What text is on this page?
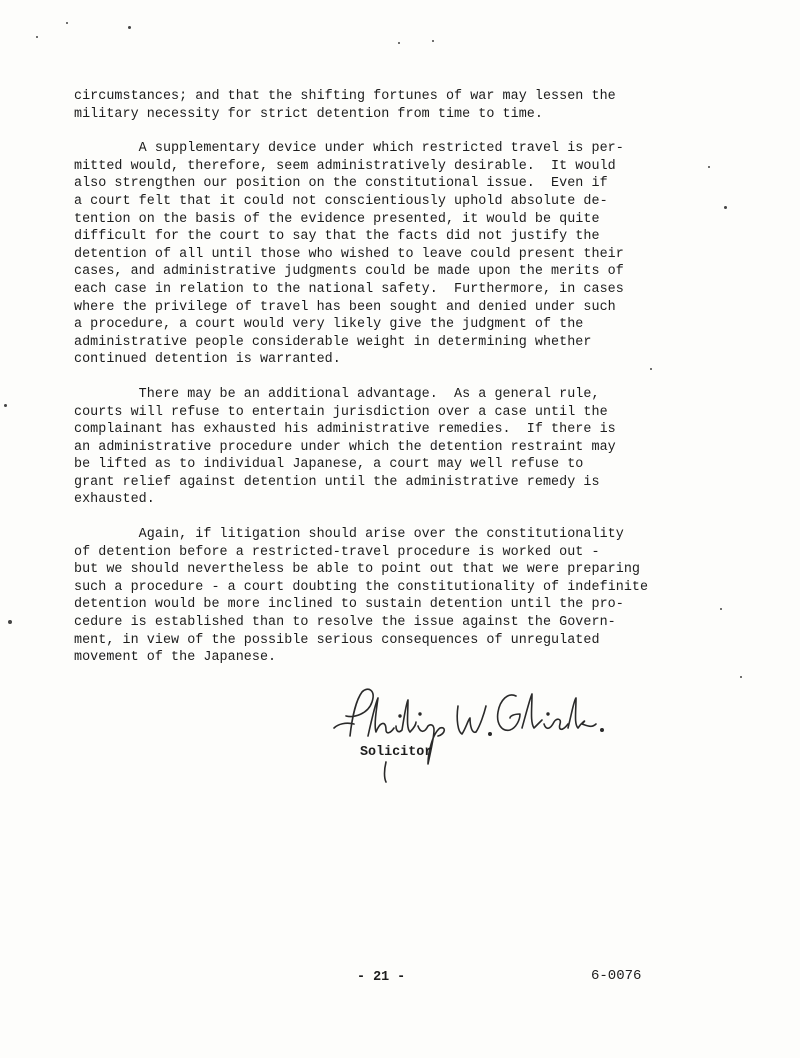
circumstances; and that the shifting fortunes of war may lessen the
military necessity for strict detention from time to time.

A supplementary device under which restricted travel is per-
mitted would, therefore, seem administratively desirable.  It would
also strengthen our position on the constitutional issue.  Even if
a court felt that it could not conscientiously uphold absolute de-
tention on the basis of the evidence presented, it would be quite
difficult for the court to say that the facts did not justify the
detention of all until those who wished to leave could present their
cases, and administrative judgments could be made upon the merits of
each case in relation to the national safety.  Furthermore, in cases
where the privilege of travel has been sought and denied under such
a procedure, a court would very likely give the judgment of the
administrative people considerable weight in determining whether
continued detention is warranted.

There may be an additional advantage.  As a general rule,
courts will refuse to entertain jurisdiction over a case until the
complainant has exhausted his administrative remedies.  If there is
an administrative procedure under which the detention restraint may
be lifted as to individual Japanese, a court may well refuse to
grant relief against detention until the administrative remedy is
exhausted.

Again, if litigation should arise over the constitutionality
of detention before a restricted-travel procedure is worked out -
but we should nevertheless be able to point out that we were preparing
such a procedure - a court doubting the constitutionality of indefinite
detention would be more inclined to sustain detention until the pro-
cedure is established than to resolve the issue against the Govern-
ment, in view of the possible serious consequences of unregulated
movement of the Japanese.

Solicitor
- 21 -	6-0076
